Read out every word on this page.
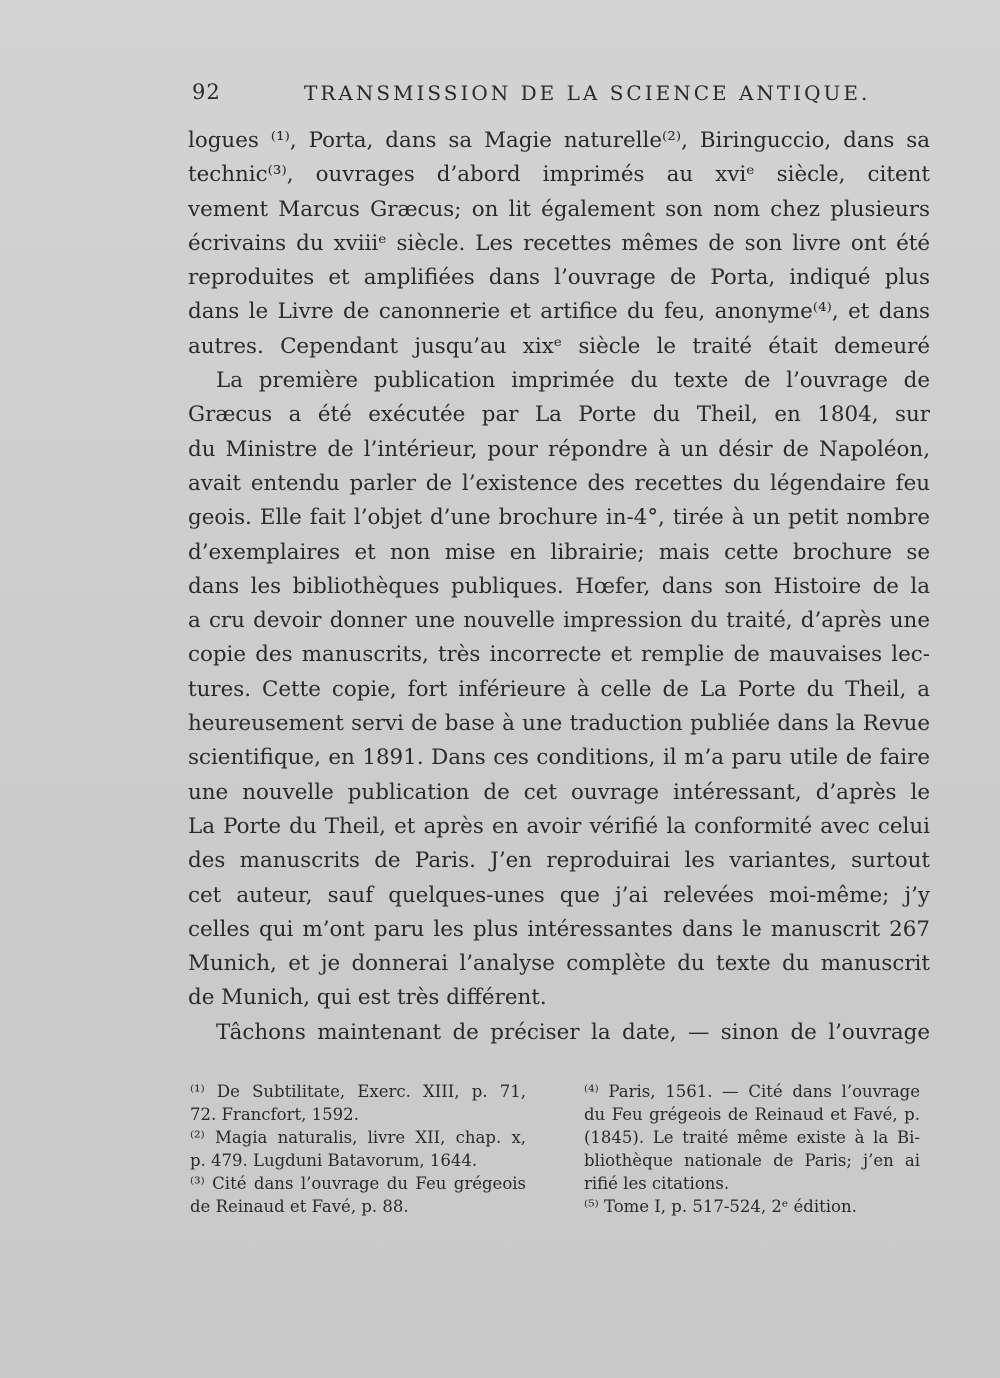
92	TRANSMISSION DE LA SCIENCE ANTIQUE.
logues ⁽¹⁾, Porta, dans sa Magie naturelle⁽²⁾, Biringuccio, dans sa
technic⁽³⁾, ouvrages d’abord imprimés au xviᵉ siècle, citent
vement Marcus Græcus; on lit également son nom chez plusieurs
écrivains du xviiiᵉ siècle. Les recettes mêmes de son livre ont été
reproduites et amplifiées dans l’ouvrage de Porta, indiqué plus
dans le Livre de canonnerie et artifice du feu, anonyme⁽⁴⁾, et dans
autres. Cependant jusqu’au xixᵉ siècle le traité était demeuré
La première publication imprimée du texte de l’ouvrage de
Græcus a été exécutée par La Porte du Theil, en 1804, sur
du Ministre de l’intérieur, pour répondre à un désir de Napoléon,
avait entendu parler de l’existence des recettes du légendaire feu
geois. Elle fait l’objet d’une brochure in-4°, tirée à un petit nombre
d’exemplaires et non mise en librairie; mais cette brochure se
dans les bibliothèques publiques. Hœfer, dans son Histoire de la
a cru devoir donner une nouvelle impression du traité, d’après une
copie des manuscrits, très incorrecte et remplie de mauvaises lec-
tures. Cette copie, fort inférieure à celle de La Porte du Theil, a
heureusement servi de base à une traduction publiée dans la Revue
scientifique, en 1891. Dans ces conditions, il m’a paru utile de faire
une nouvelle publication de cet ouvrage intéressant, d’après le
La Porte du Theil, et après en avoir vérifié la conformité avec celui
des manuscrits de Paris. J’en reproduirai les variantes, surtout
cet auteur, sauf quelques-unes que j’ai relevées moi-même; j’y
celles qui m’ont paru les plus intéressantes dans le manuscrit 267
Munich, et je donnerai l’analyse complète du texte du manuscrit
de Munich, qui est très différent.
Tâchons maintenant de préciser la date, — sinon de l’ouvrage
⁽¹⁾ De Subtilitate, Exerc. XIII, p. 71,
72. Francfort, 1592.
⁽²⁾ Magia naturalis, livre XII, chap. x,
p. 479. Lugduni Batavorum, 1644.
⁽³⁾ Cité dans l’ouvrage du Feu grégeois
de Reinaud et Favé, p. 88.
⁽⁴⁾ Paris, 1561. — Cité dans l’ouvrage
du Feu grégeois de Reinaud et Favé, p.
(1845). Le traité même existe à la Bi-
bliothèque nationale de Paris; j’en ai
rifié les citations.
⁽⁵⁾ Tome I, p. 517-524, 2ᵉ édition.
